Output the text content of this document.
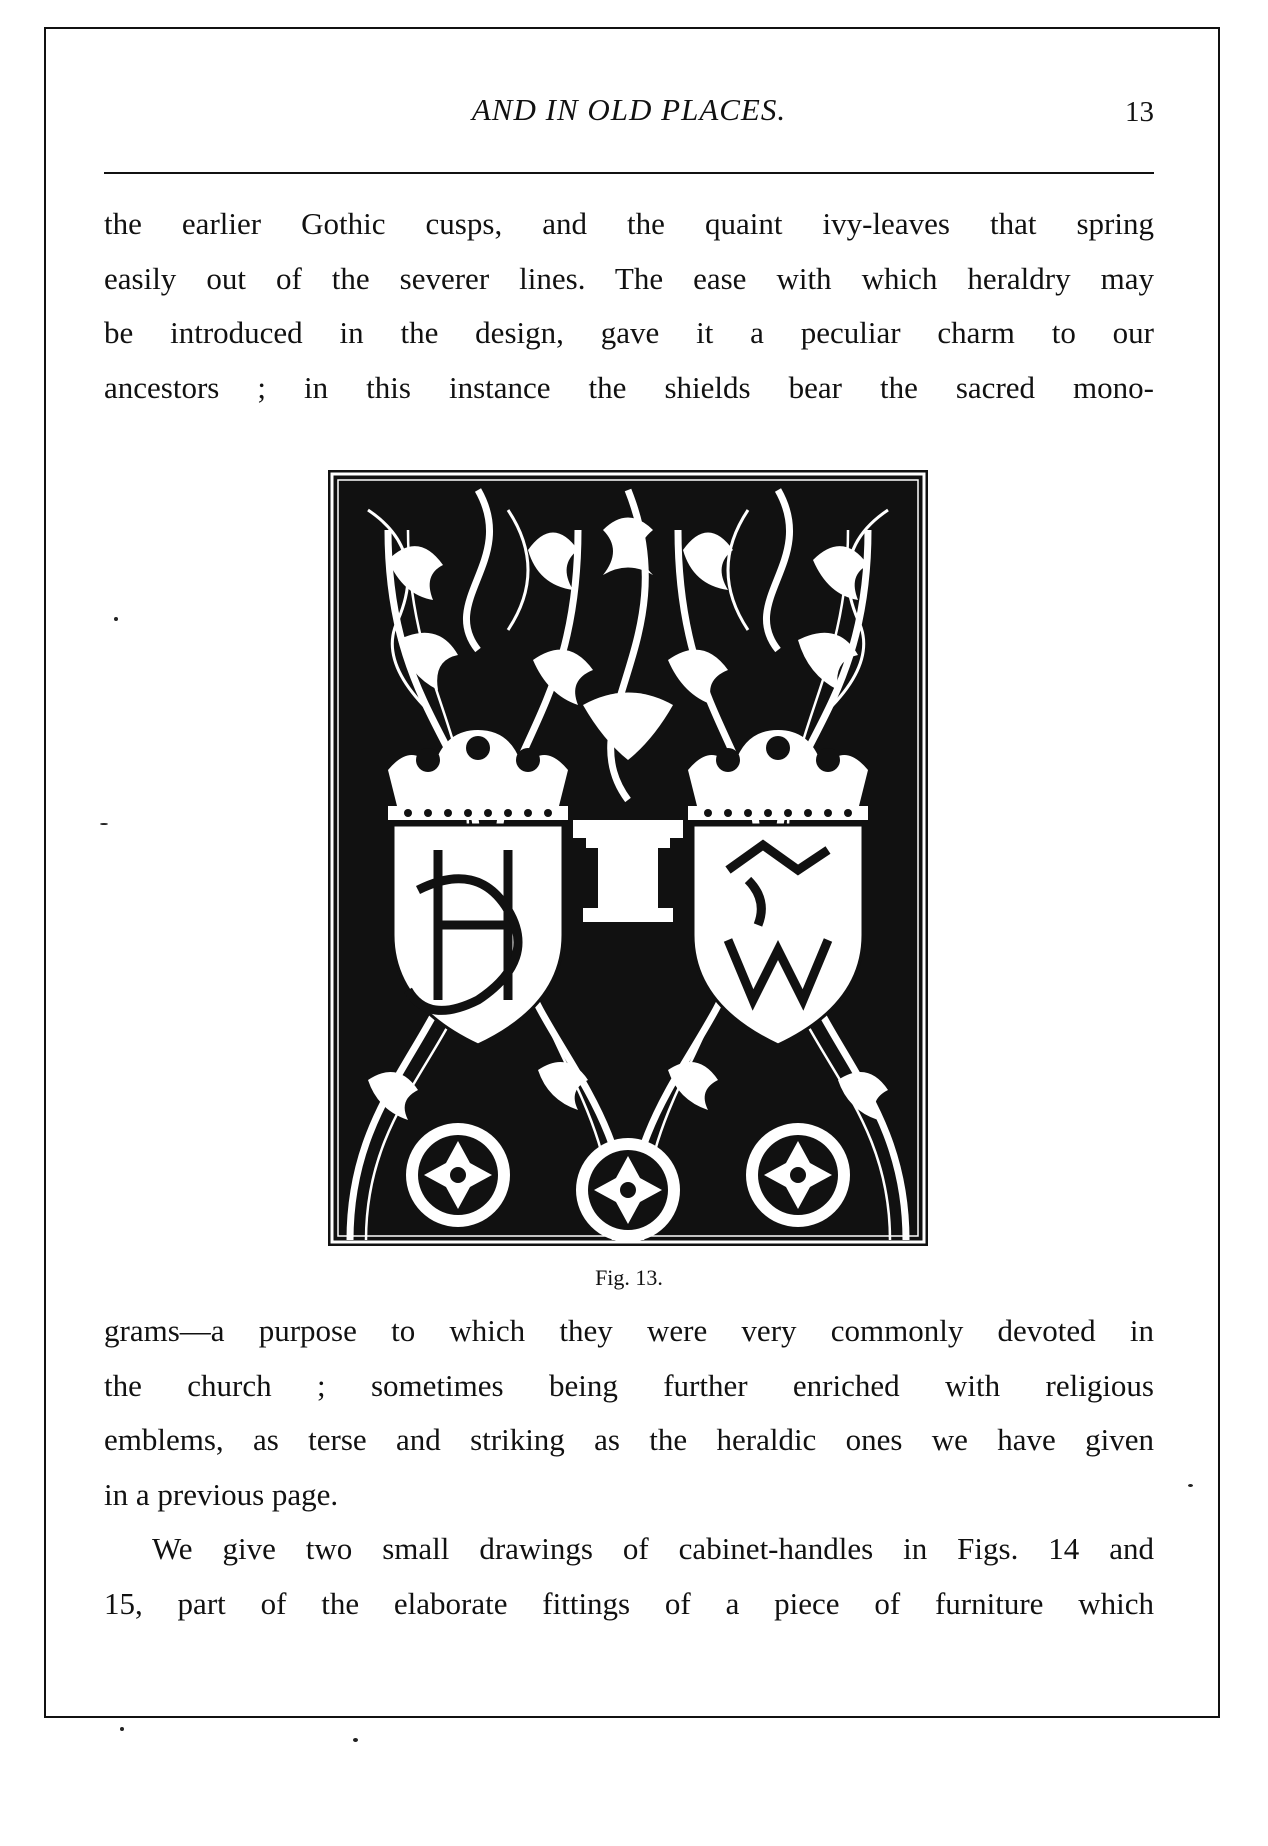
AND IN OLD PLACES.	13
the earlier Gothic cusps, and the quaint ivy-leaves that spring
easily out of the severer lines. The ease with which heraldry may
be introduced in the design, gave it a peculiar charm to our
ancestors ; in this instance the shields bear the sacred mono-
Fig. 13.
grams—a purpose to which they were very commonly devoted in
the church ; sometimes being further enriched with religious
emblems, as terse and striking as the heraldic ones we have given
in a previous page.
We give two small drawings of cabinet-handles in Figs. 14 and
15, part of the elaborate fittings of a piece of furniture which
